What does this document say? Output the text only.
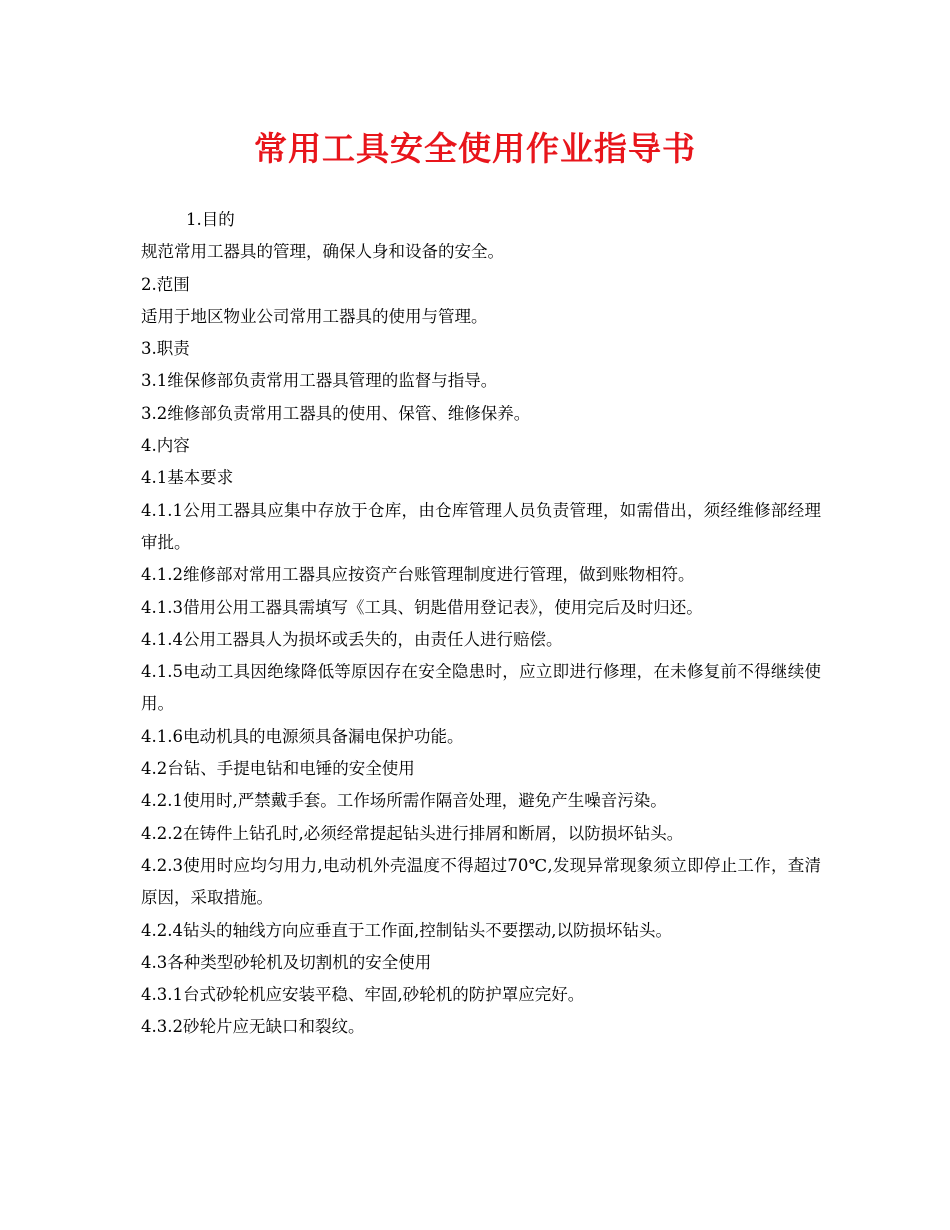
常用工具安全使用作业指导书
1.目的
规范常用工器具的管理，确保人身和设备的安全。
2.范围
适用于地区物业公司常用工器具的使用与管理。
3.职责
3.1维保修部负责常用工器具管理的监督与指导。
3.2维修部负责常用工器具的使用、保管、维修保养。
4.内容
4.1基本要求
4.1.1公用工器具应集中存放于仓库，由仓库管理人员负责管理，如需借出，须经维修部经理审批。
4.1.2维修部对常用工器具应按资产台账管理制度进行管理，做到账物相符。
4.1.3借用公用工器具需填写《工具、钥匙借用登记表》，使用完后及时归还。
4.1.4公用工器具人为损坏或丢失的，由责任人进行赔偿。
4.1.5电动工具因绝缘降低等原因存在安全隐患时，应立即进行修理，在未修复前不得继续使用。
4.1.6电动机具的电源须具备漏电保护功能。
4.2台钻、手提电钻和电锤的安全使用
4.2.1使用时,严禁戴手套。工作场所需作隔音处理，避免产生噪音污染。
4.2.2在铸件上钻孔时,必须经常提起钻头进行排屑和断屑，以防损坏钻头。
4.2.3使用时应均匀用力,电动机外壳温度不得超过70℃,发现异常现象须立即停止工作，查清原因，采取措施。
4.2.4钻头的轴线方向应垂直于工作面,控制钻头不要摆动,以防损坏钻头。
4.3各种类型砂轮机及切割机的安全使用
4.3.1台式砂轮机应安装平稳、牢固,砂轮机的防护罩应完好。
4.3.2砂轮片应无缺口和裂纹。
